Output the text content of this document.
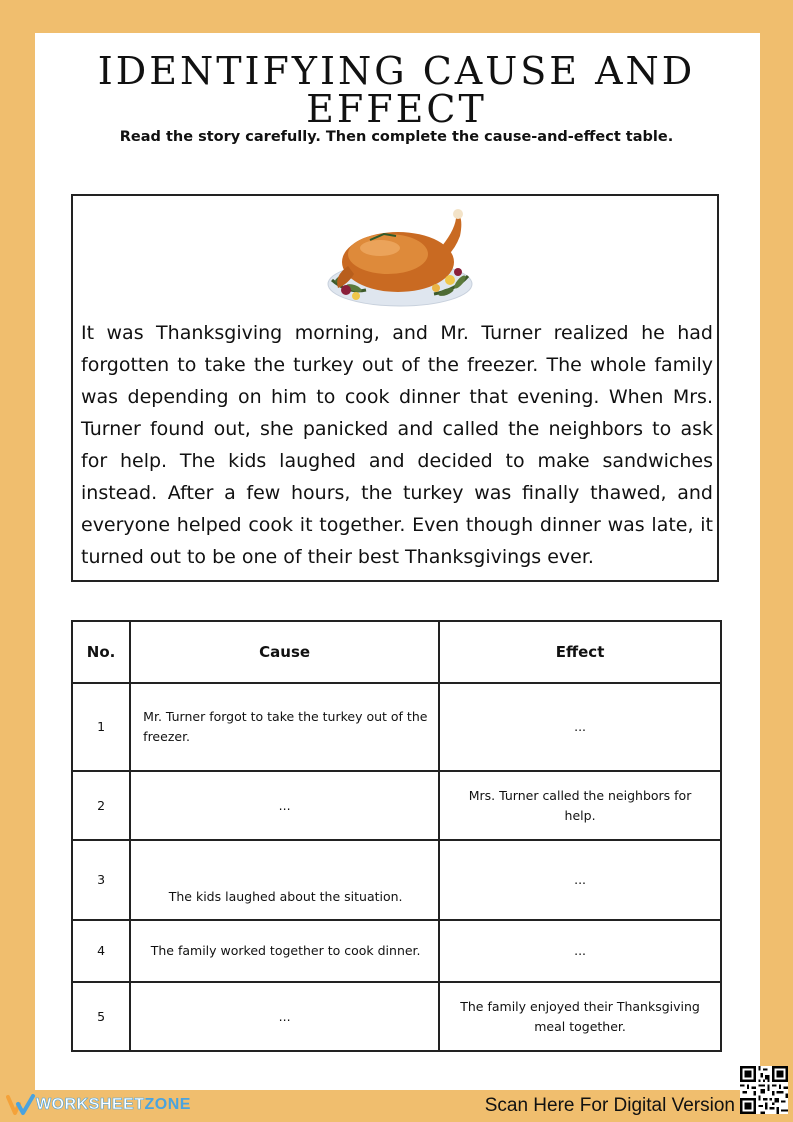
IDENTIFYING CAUSE AND EFFECT

Read the story carefully. Then complete the cause-and-effect table.

It was Thanksgiving morning, and Mr. Turner realized he had forgotten to take the turkey out of the freezer. The whole family was depending on him to cook dinner that evening. When Mrs. Turner found out, she panicked and called the neighbors to ask for help. The kids laughed and decided to make sandwiches instead. After a few hours, the turkey was finally thawed, and everyone helped cook it together. Even though dinner was late, it turned out to be one of their best Thanksgivings ever.

No.	Cause	Effect
1	Mr. Turner forgot to take the turkey out of the freezer.	...
2	...	Mrs. Turner called the neighbors for help.
3	The kids laughed about the situation.	...
4	The family worked together to cook dinner.	...
5	...	The family enjoyed their Thanksgiving meal together.
WORKSHEETZONE	Scan Here For Digital Version
